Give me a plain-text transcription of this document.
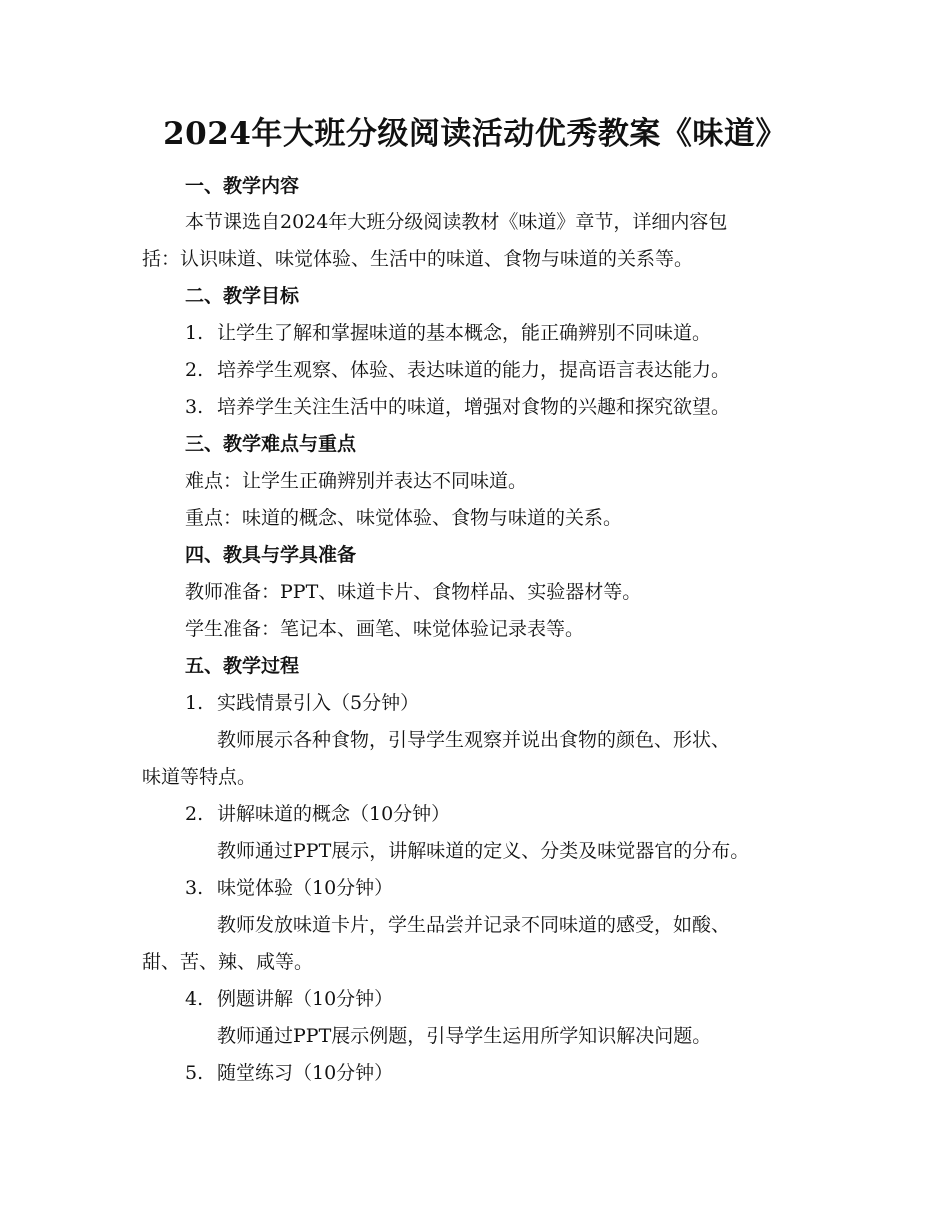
2024年大班分级阅读活动优秀教案《味道》
一、教学内容
本节课选自2024年大班分级阅读教材《味道》章节，详细内容包
括：认识味道、味觉体验、生活中的味道、食物与味道的关系等。
二、教学目标
1. 让学生了解和掌握味道的基本概念，能正确辨别不同味道。
2. 培养学生观察、体验、表达味道的能力，提高语言表达能力。
3. 培养学生关注生活中的味道，增强对食物的兴趣和探究欲望。
三、教学难点与重点
难点：让学生正确辨别并表达不同味道。
重点：味道的概念、味觉体验、食物与味道的关系。
四、教具与学具准备
教师准备：PPT、味道卡片、食物样品、实验器材等。
学生准备：笔记本、画笔、味觉体验记录表等。
五、教学过程
1. 实践情景引入（5分钟）
教师展示各种食物，引导学生观察并说出食物的颜色、形状、
味道等特点。
2. 讲解味道的概念（10分钟）
教师通过PPT展示，讲解味道的定义、分类及味觉器官的分布。
3. 味觉体验（10分钟）
教师发放味道卡片，学生品尝并记录不同味道的感受，如酸、
甜、苦、辣、咸等。
4. 例题讲解（10分钟）
教师通过PPT展示例题，引导学生运用所学知识解决问题。
5. 随堂练习（10分钟）
